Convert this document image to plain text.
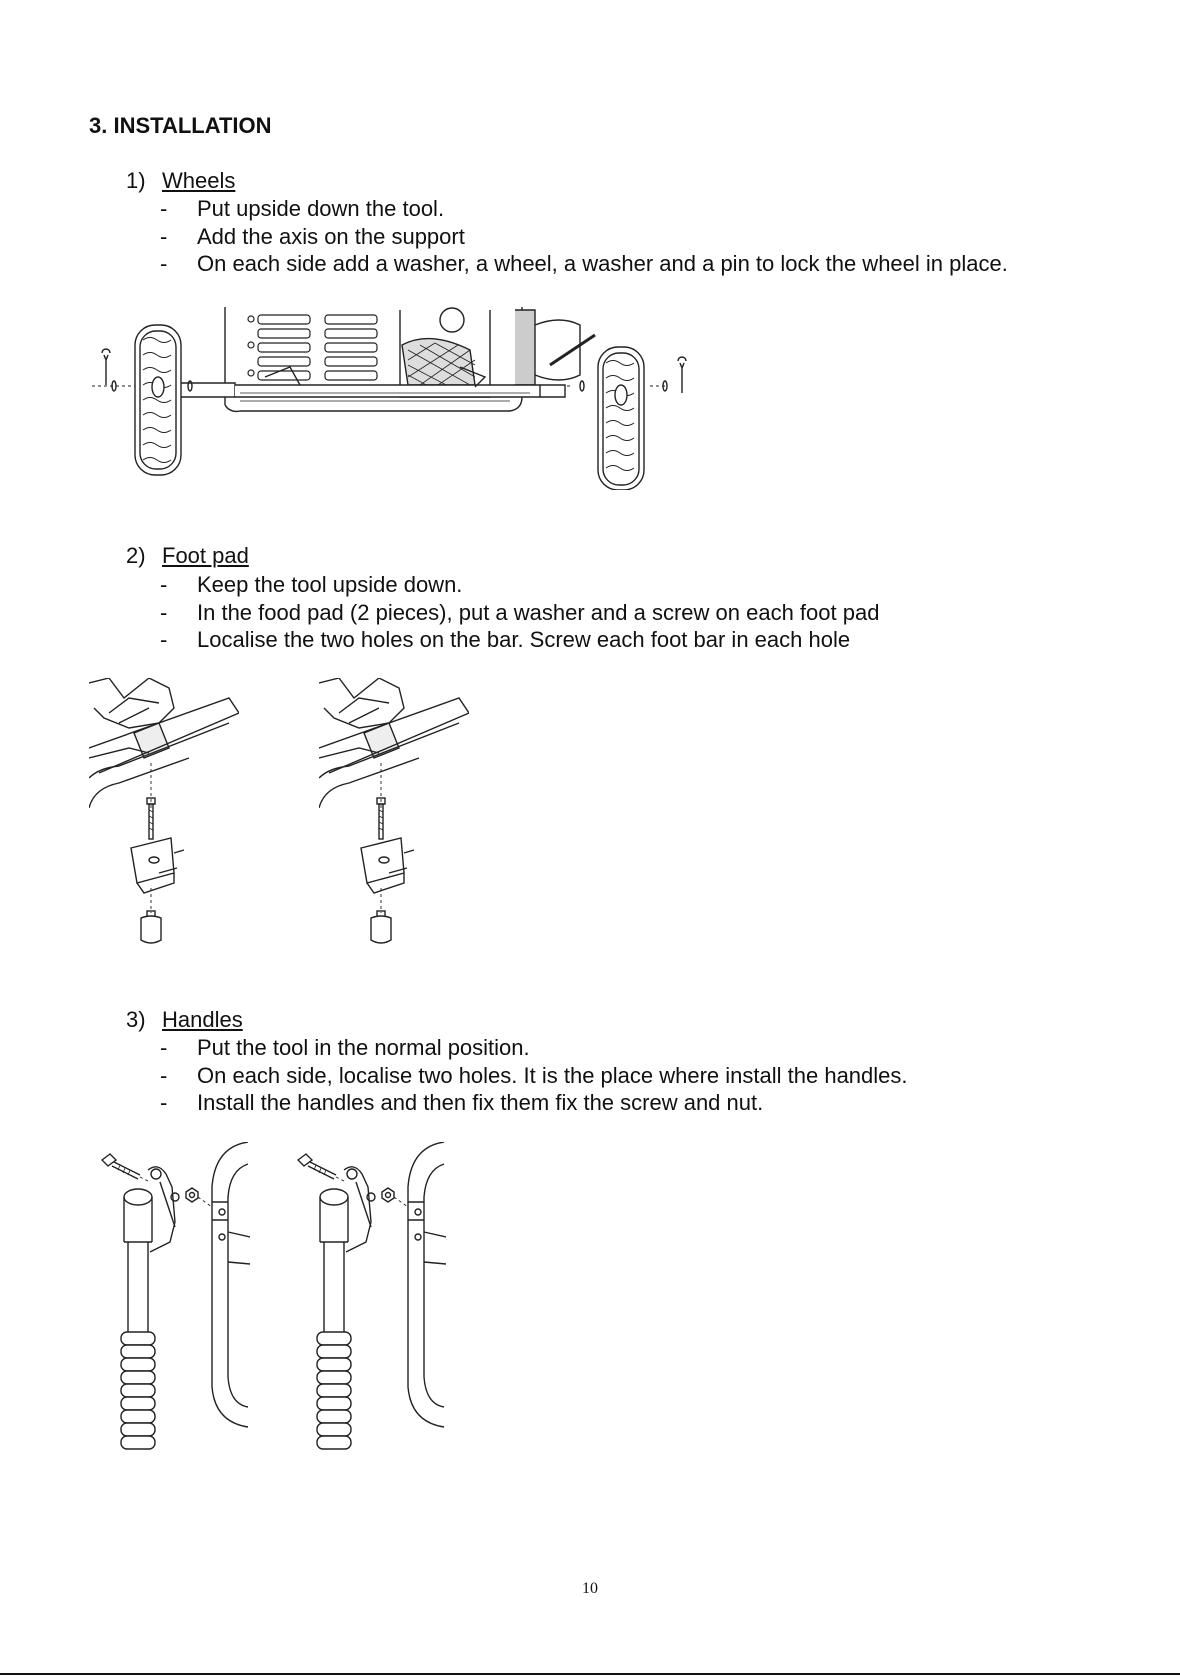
3. INSTALLATION
1) Wheels
- Put upside down the tool.
- Add the axis on the support
- On each side add a washer, a wheel, a washer and a pin to lock the wheel in place.
2) Foot pad
- Keep the tool upside down.
- In the food pad (2 pieces), put a washer and a screw on each foot pad
- Localise the two holes on the bar. Screw each foot bar in each hole
3) Handles
- Put the tool in the normal position.
- On each side, localise two holes. It is the place where install the handles.
- Install the handles and then fix them fix the screw and nut.
10
